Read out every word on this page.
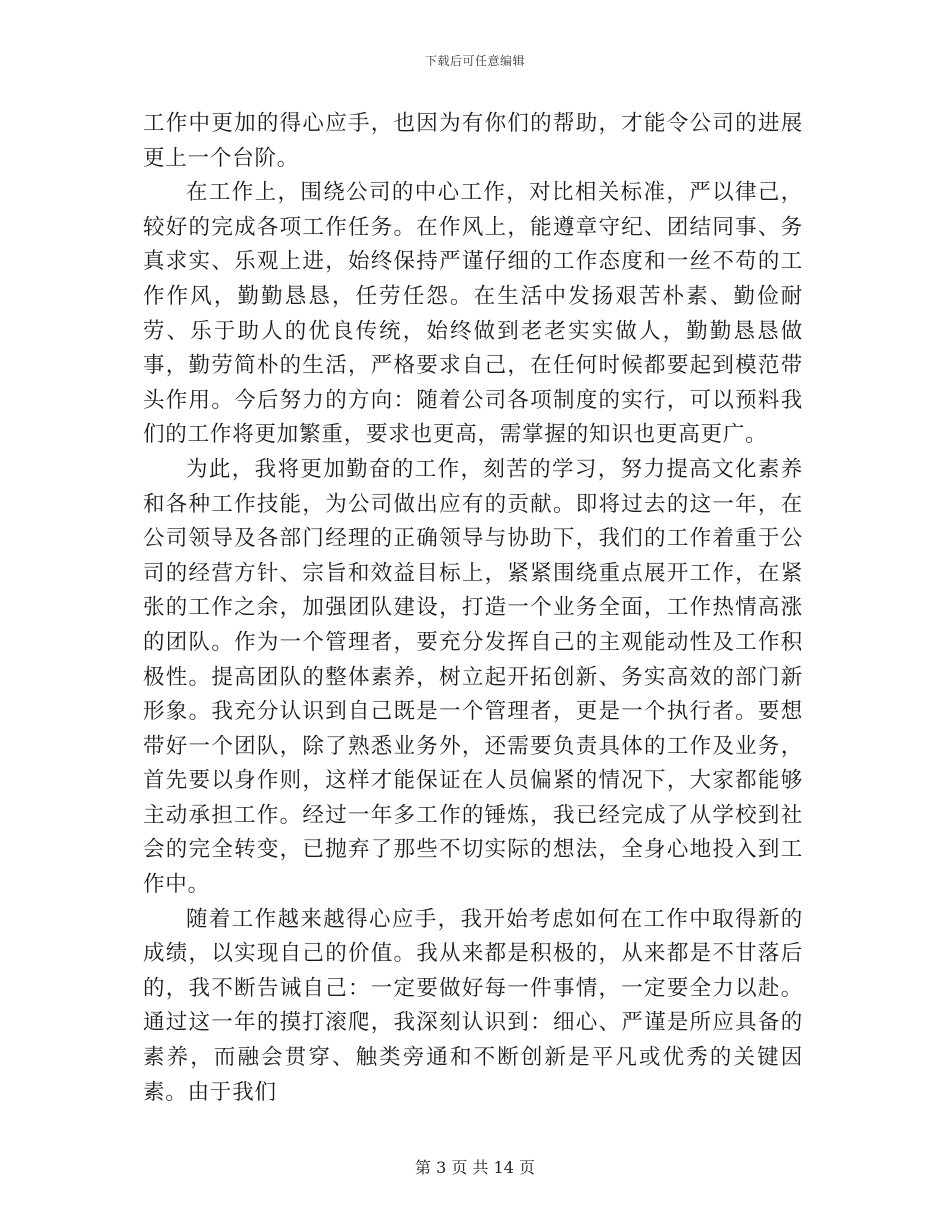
下载后可任意编辑

工作中更加的得心应手，也因为有你们的帮助，才能令公司的进展更上一个台阶。

在工作上，围绕公司的中心工作，对比相关标准，严以律己，较好的完成各项工作任务。在作风上，能遵章守纪、团结同事、务真求实、乐观上进，始终保持严谨仔细的工作态度和一丝不苟的工作作风，勤勤恳恳，任劳任怨。在生活中发扬艰苦朴素、勤俭耐劳、乐于助人的优良传统，始终做到老老实实做人，勤勤恳恳做事，勤劳简朴的生活，严格要求自己，在任何时候都要起到模范带头作用。今后努力的方向：随着公司各项制度的实行，可以预料我们的工作将更加繁重，要求也更高，需掌握的知识也更高更广。

为此，我将更加勤奋的工作，刻苦的学习，努力提高文化素养和各种工作技能，为公司做出应有的贡献。即将过去的这一年，在公司领导及各部门经理的正确领导与协助下，我们的工作着重于公司的经营方针、宗旨和效益目标上，紧紧围绕重点展开工作，在紧张的工作之余，加强团队建设，打造一个业务全面，工作热情高涨的团队。作为一个管理者，要充分发挥自己的主观能动性及工作积极性。提高团队的整体素养，树立起开拓创新、务实高效的部门新形象。我充分认识到自己既是一个管理者，更是一个执行者。要想带好一个团队，除了熟悉业务外，还需要负责具体的工作及业务，首先要以身作则，这样才能保证在人员偏紧的情况下，大家都能够主动承担工作。经过一年多工作的锤炼，我已经完成了从学校到社会的完全转变，已抛弃了那些不切实际的想法，全身心地投入到工作中。

随着工作越来越得心应手，我开始考虑如何在工作中取得新的成绩，以实现自己的价值。我从来都是积极的，从来都是不甘落后的，我不断告诫自己：一定要做好每一件事情，一定要全力以赴。通过这一年的摸打滚爬，我深刻认识到：细心、严谨是所应具备的素养，而融会贯穿、触类旁通和不断创新是平凡或优秀的关键因素。由于我们

第 3 页 共 14 页
